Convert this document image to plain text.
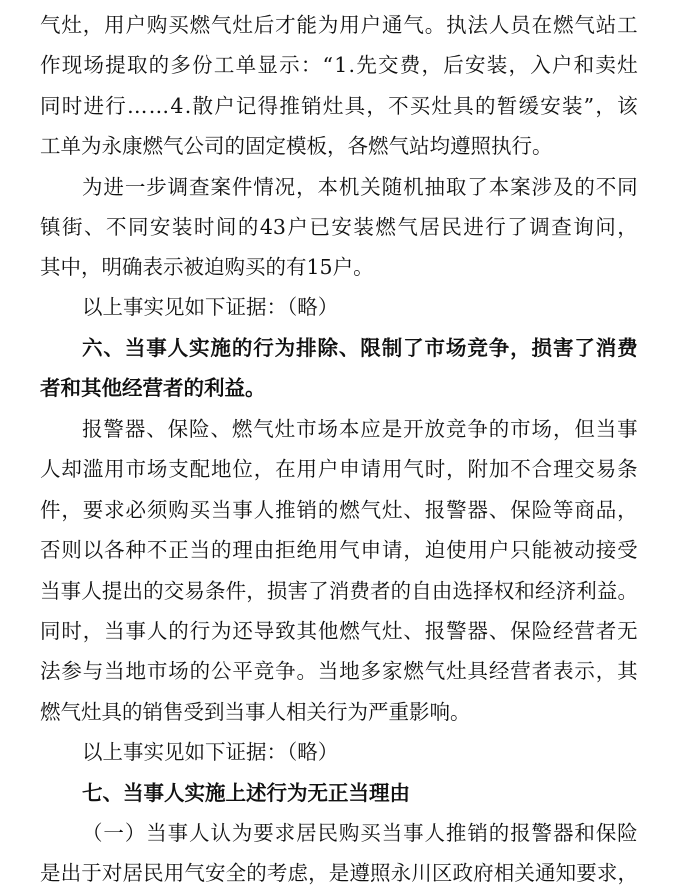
气 灶 ， 用 户 购 买 燃 气 灶 后 才 能 为 用 户 通 气 。 执 法 人 员 在 燃 气 站 工
作 现 场 提 取 的 多 份 工 单 显 示 ： “ 1 . 先 交 费 ， 后 安 装 ， 入 户 和 卖 灶
同 时 进 行 … … 4 . 散 户 记 得 推 销 灶 具 ， 不 买 灶 具 的 暂 缓 安 装 ” ， 该
工单为永康燃气公司的固定模板，各燃气站均遵照执行。
为 进 一 步 调 查 案 件 情 况 ， 本 机 关 随 机 抽 取 了 本 案 涉 及 的 不 同
镇 街 、 不 同 安 装 时 间 的 43 户 已 安 装 燃 气 居 民 进 行 了 调 查 询 问 ，
其中，明确表示被迫购买的有15户。
以上事实见如下证据：（略）
六 、 当 事 人 实 施 的 行 为 排 除 、 限 制 了 市 场 竞 争 ， 损 害 了 消 费
者和其他经营者的利益。
报 警 器 、 保 险 、 燃 气 灶 市 场 本 应 是 开 放 竞 争 的 市 场 ， 但 当 事
人 却 滥 用 市 场 支 配 地 位 ， 在 用 户 申 请 用 气 时 ， 附 加 不 合 理 交 易 条
件 ， 要 求 必 须 购 买 当 事 人 推 销 的 燃 气 灶 、 报 警 器 、 保 险 等 商 品 ，
否 则 以 各 种 不 正 当 的 理 由 拒 绝 用 气 申 请 ， 迫 使 用 户 只 能 被 动 接 受
当 事 人 提 出 的 交 易 条 件 ， 损 害 了 消 费 者 的 自 由 选 择 权 和 经 济 利 益 。
同 时 ， 当 事 人 的 行 为 还 导 致 其 他 燃 气 灶 、 报 警 器 、 保 险 经 营 者 无
法 参 与 当 地 市 场 的 公 平 竞 争 。 当 地 多 家 燃 气 灶 具 经 营 者 表 示 ， 其
燃气灶具的销售受到当事人相关行为严重影响。
以上事实见如下证据：（略）
七、当事人实施上述行为无正当理由
（ 一 ） 当 事 人 认 为 要 求 居 民 购 买 当 事 人 推 销 的 报 警 器 和 保 险
是 出 于 对 居 民 用 气 安 全 的 考 虑 ， 是 遵 照 永 川 区 政 府 相 关 通 知 要 求 ，
